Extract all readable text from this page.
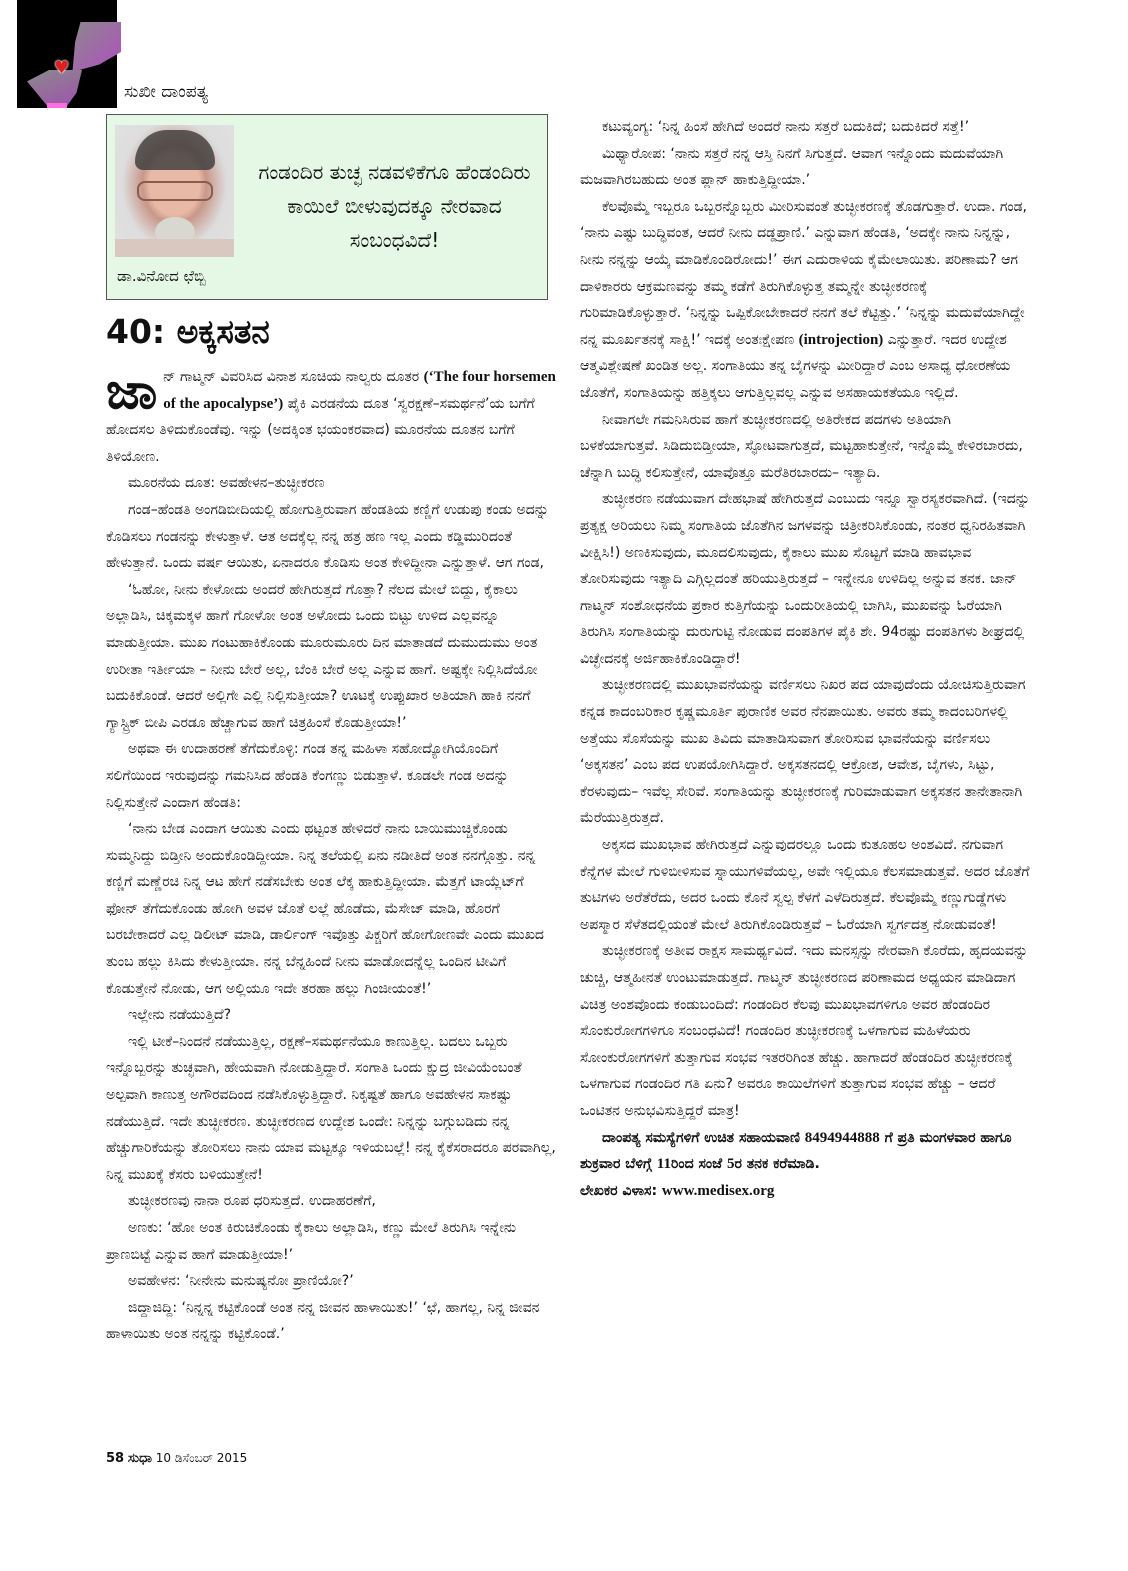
♥
ಸುಖೀ ದಾಂಪತ್ಯ
ಡಾ.ವಿನೋದ ಛೆಬ್ಬಿ
ಗಂಡಂದಿರ ತುಚ್ಛ ನಡವಳಿಕೆಗೂ ಹೆಂಡಂದಿರು ಕಾಯಿಲೆ ಬೀಳುವುದಕ್ಕೂ ನೇರವಾದ ಸಂಬಂಧವಿದೆ!
40: ಅಕ್ಕಸತನ

ಜಾನ್ ಗಾಟ್ಮನ್ ವಿವರಿಸಿದ ವಿನಾಶ ಸೂಚಿಯ ನಾಲ್ವರು ದೂತರ (‘The four horsemen of the apocalypse’) ಪೈಕಿ ಎರಡನೆಯ ದೂತ ‘ಸ್ವರಕ್ಷಣೆ–ಸಮರ್ಥನೆ’ಯ ಬಗೆಗೆ ಹೋದಸಲ ತಿಳಿದುಕೊಂಡೆವು. ಇನ್ನು (ಅದಕ್ಕಿಂತ ಭಯಂಕರವಾದ) ಮೂರನೆಯ ದೂತನ ಬಗೆಗೆ ತಿಳಿಯೋಣ.

ಮೂರನೆಯ ದೂತ: ಅವಹೇಳನ–ತುಚ್ಛೀಕರಣ

ಗಂಡ–ಹೆಂಡತಿ ಅಂಗಡಿಬೀದಿಯಲ್ಲಿ ಹೋಗುತ್ತಿರುವಾಗ ಹೆಂಡತಿಯ ಕಣ್ಣಿಗೆ ಉಡುಪು ಕಂಡು ಅದನ್ನು ಕೊಡಿಸಲು ಗಂಡನನ್ನು ಕೇಳುತ್ತಾಳೆ. ಆತ ಅದಕ್ಕೆಲ್ಲ ನನ್ನ ಹತ್ರ ಹಣ ಇಲ್ಲ ಎಂದು ಕಡ್ಡಿಮುರಿದಂತೆ ಹೇಳುತ್ತಾನೆ. ಒಂದು ವರ್ಷ ಆಯಿತು, ಏನಾದರೂ ಕೊಡಿಸು ಅಂತ ಕೇಳಿದ್ದೀನಾ ಎನ್ನುತ್ತಾಳೆ. ಆಗ ಗಂಡ,

‘ಓಹೋ, ನೀನು ಕೇಳೋದು ಅಂದರೆ ಹೇಗಿರುತ್ತದೆ ಗೊತ್ತಾ? ನೆಲದ ಮೇಲೆ ಬಿದ್ದು, ಕೈಕಾಲು ಅಲ್ಲಾಡಿಸಿ, ಚಿಕ್ಕಮಕ್ಕಳ ಹಾಗೆ ಗೋಳೋ ಅಂತ ಅಳೋದು ಒಂದು ಬಿಟ್ಟು ಉಳಿದ ಎಲ್ಲವನ್ನೂ ಮಾಡುತ್ತೀಯಾ. ಮುಖ ಗಂಟುಹಾಕಿಕೊಂಡು ಮೂರುಮೂರು ದಿನ ಮಾತಾಡದೆ ದುಮುದುಮು ಅಂತ ಉರೀತಾ ಇರ್ತೀಯಾ – ನೀನು ಬೇರೆ ಅಲ್ಲ, ಬೆಂಕಿ ಬೇರೆ ಅಲ್ಲ ಎನ್ನುವ ಹಾಗೆ. ಅಷ್ಟಕ್ಕೇ ನಿಲ್ಲಿಸಿದೆಯೋ ಬದುಕಿಕೊಂಡೆ. ಆದರೆ ಅಲ್ಲಿಗೇ ಎಲ್ಲಿ ನಿಲ್ಲಿಸುತ್ತೀಯಾ? ಊಟಕ್ಕೆ ಉಪ್ಪುಖಾರ ಅತಿಯಾಗಿ ಹಾಕಿ ನನಗೆ ಗ್ಯಾಸ್ಟ್ರಿಕ್ ಬೀಪಿ ಎರಡೂ ಹೆಚ್ಚಾಗುವ ಹಾಗೆ ಚಿತ್ರಹಿಂಸೆ ಕೊಡುತ್ತೀಯಾ!’

ಅಥವಾ ಈ ಉದಾಹರಣೆ ತೆಗೆದುಕೊಳ್ಳಿ: ಗಂಡ ತನ್ನ ಮಹಿಳಾ ಸಹೋದ್ಯೋಗಿಯೊಂದಿಗೆ ಸಲಿಗೆಯಿಂದ ಇರುವುದನ್ನು ಗಮನಿಸಿದ ಹೆಂಡತಿ ಕೆಂಗಣ್ಣು ಬಿಡುತ್ತಾಳೆ. ಕೂಡಲೇ ಗಂಡ ಅದನ್ನು ನಿಲ್ಲಿಸುತ್ತೇನೆ ಎಂದಾಗ ಹೆಂಡತಿ:

‘ನಾನು ಬೇಡ ಎಂದಾಗ ಆಯಿತು ಎಂದು ಥಟ್ಟಂತ ಹೇಳಿದರೆ ನಾನು ಬಾಯಿಮುಚ್ಚಿಕೊಂಡು ಸುಮ್ಮನಿದ್ದು ಬಿಡ್ತೀನಿ ಅಂದುಕೊಂಡಿದ್ದೀಯಾ. ನಿನ್ನ ತಲೆಯಲ್ಲಿ ಏನು ನಡೀತಿದೆ ಅಂತ ನನಗ್ಗೊತ್ತು. ನನ್ನ ಕಣ್ಣಿಗೆ ಮಣ್ಣೆರಚಿ ನಿನ್ನ ಆಟ ಹೇಗೆ ನಡೆಸಬೇಕು ಅಂತ ಲೆಕ್ಕ ಹಾಕುತ್ತಿದ್ದೀಯಾ. ಮೆತ್ತಗೆ ಟಾಯ್ಲೆಟ್‌ಗೆ ಫೋನ್ ತೆಗೆದುಕೊಂಡು ಹೋಗಿ ಅವಳ ಜೊತೆ ಲಲ್ಲೆ ಹೊಡೆದು, ಮೆಸೇಜ್ ಮಾಡಿ, ಹೊರಗೆ ಬರಬೇಕಾದರೆ ಎಲ್ಲ ಡಿಲೀಟ್ ಮಾಡಿ, ಡಾರ್ಲಿಂಗ್ ಇವೊತ್ತು ಪಿಕ್ಚರಿಗೆ ಹೋಗೋಣವೇ ಎಂದು ಮುಖದ ತುಂಬ ಹಲ್ಲು ಕಿಸಿದು ಕೇಳುತ್ತೀಯಾ. ನನ್ನ ಬೆನ್ನಹಿಂದೆ ನೀನು ಮಾಡೋದನ್ನೆಲ್ಲ ಒಂದಿನ ಟೀವಿಗೆ ಕೊಡುತ್ತೇನೆ ನೋಡು, ಆಗ ಅಲ್ಲಿಯೂ ಇದೇ ತರಹಾ ಹಲ್ಲು ಗಿಂಜೀಯಂತೆ!’

ಇಲ್ಲೇನು ನಡೆಯುತ್ತಿದೆ?

ಇಲ್ಲಿ ಟೀಕೆ–ನಿಂದನೆ ನಡೆಯುತ್ತಿಲ್ಲ, ರಕ್ಷಣೆ–ಸಮರ್ಥನೆಯೂ ಕಾಣುತ್ತಿಲ್ಲ. ಬದಲು ಒಬ್ಬರು ಇನ್ನೊಬ್ಬರನ್ನು ತುಚ್ಛವಾಗಿ, ಹೇಯವಾಗಿ ನೋಡುತ್ತಿದ್ದಾರೆ. ಸಂಗಾತಿ ಒಂದು ಕ್ಷುದ್ರ ಜೀವಿಯೆಂಬಂತೆ ಅಲ್ಪವಾಗಿ ಕಾಣುತ್ತ ಅಗೌರವದಿಂದ ನಡೆಸಿಕೊಳ್ಳುತ್ತಿದ್ದಾರೆ. ನಿಕೃಷ್ಟತೆ ಹಾಗೂ ಅವಹೇಳನ ಸಾಕಷ್ಟು ನಡೆಯುತ್ತಿದೆ. ಇದೇ ತುಚ್ಛೀಕರಣ. ತುಚ್ಛೀಕರಣದ ಉದ್ದೇಶ ಒಂದೇ: ನಿನ್ನನ್ನು ಬಗ್ಗುಬಡಿದು ನನ್ನ ಹೆಚ್ಚುಗಾರಿಕೆಯನ್ನು ತೋರಿಸಲು ನಾನು ಯಾವ ಮಟ್ಟಕ್ಕೂ ಇಳಿಯಬಲ್ಲೆ! ನನ್ನ ಕೈಕೆಸರಾದರೂ ಪರವಾಗಿಲ್ಲ, ನಿನ್ನ ಮುಖಕ್ಕೆ ಕೆಸರು ಬಳಿಯುತ್ತೇನೆ!

ತುಚ್ಛೀಕರಣವು ನಾನಾ ರೂಪ ಧರಿಸುತ್ತದೆ. ಉದಾಹರಣೆಗೆ,

ಅಣಕು: ‘ಹೋ ಅಂತ ಕಿರುಚಿಕೊಂಡು ಕೈಕಾಲು ಅಲ್ಲಾಡಿಸಿ, ಕಣ್ಣು ಮೇಲೆ ತಿರುಗಿಸಿ ಇನ್ನೇನು ಪ್ರಾಣಬಿಟ್ಟೆ ಎನ್ನುವ ಹಾಗೆ ಮಾಡುತ್ತೀಯಾ!’

ಅವಹೇಳನ: ‘ನೀನೇನು ಮನುಷ್ಯನೋ ಪ್ರಾಣಿಯೋ?’

ಜಿದ್ದಾಜಿದ್ದಿ: ‘ನಿನ್ನನ್ನ ಕಟ್ಟಿಕೊಂಡೆ ಅಂತ ನನ್ನ ಜೀವನ ಹಾಳಾಯಿತು!’ ‘ಛೆ, ಹಾಗಲ್ಲ, ನಿನ್ನ ಜೀವನ ಹಾಳಾಯಿತು ಅಂತ ನನ್ನನ್ನು ಕಟ್ಟಿಕೊಂಡೆ.’

ಕಟುವ್ಯಂಗ್ಯ: ‘ನಿನ್ನ ಹಿಂಸೆ ಹೇಗಿದೆ ಅಂದರೆ ನಾನು ಸತ್ತರೆ ಬದುಕಿದೆ; ಬದುಕಿದರೆ ಸತ್ತೆ!’

ಮಿಥ್ಯಾರೋಪ: ‘ನಾನು ಸತ್ತರೆ ನನ್ನ ಆಸ್ತಿ ನಿನಗೆ ಸಿಗುತ್ತದೆ. ಆವಾಗ ಇನ್ನೊಂದು ಮದುವೆಯಾಗಿ ಮಜವಾಗಿರಬಹುದು ಅಂತ ಪ್ಲಾನ್ ಹಾಕುತ್ತಿದ್ದೀಯಾ.’

ಕೆಲವೊಮ್ಮೆ ಇಬ್ಬರೂ ಒಬ್ಬರನ್ನೊಬ್ಬರು ಮೀರಿಸುವಂತೆ ತುಚ್ಛೀಕರಣಕ್ಕೆ ತೊಡಗುತ್ತಾರೆ. ಉದಾ. ಗಂಡ, ‘ನಾನು ಎಷ್ಟು ಬುದ್ಧಿವಂತ, ಆದರೆ ನೀನು ದಡ್ಡಪ್ರಾಣಿ.’ ಎನ್ನುವಾಗ ಹೆಂಡತಿ, ‘ಅದಕ್ಕೇ ನಾನು ನಿನ್ನನ್ನು, ನೀನು ನನ್ನನ್ನು ಆಯ್ಕೆ ಮಾಡಿಕೊಂಡಿರೋದು!’ ಈಗ ಎದುರಾಳಿಯ ಕೈಮೇಲಾಯಿತು. ಪರಿಣಾಮ? ಆಗ ದಾಳಿಕಾರರು ಆಕ್ರಮಣವನ್ನು ತಮ್ಮ ಕಡೆಗೆ ತಿರುಗಿಕೊಳ್ಳುತ್ತ ತಮ್ಮನ್ನೇ ತುಚ್ಛೀಕರಣಕ್ಕೆ ಗುರಿಮಾಡಿಕೊಳ್ಳುತ್ತಾರೆ. ‘ನಿನ್ನನ್ನು ಒಪ್ಪಿಕೋಬೇಕಾದರೆ ನನಗೆ ತಲೆ ಕೆಟ್ಟಿತ್ತು.’ ‘ನಿನ್ನನ್ನು ಮದುವೆಯಾಗಿದ್ದೇ ನನ್ನ ಮೂರ್ಖತನಕ್ಕೆ ಸಾಕ್ಷಿ!’ ಇದಕ್ಕೆ ಅಂತಃಕ್ಷೇಪಣ (introjection) ಎನ್ನುತ್ತಾರೆ. ಇದರ ಉದ್ದೇಶ ಆತ್ಮವಿಶ್ಲೇಷಣೆ ಖಂಡಿತ ಅಲ್ಲ. ಸಂಗಾತಿಯು ತನ್ನ ಬೈಗಳನ್ನು ಮೀರಿದ್ದಾರೆ ಎಂಬ ಅಸಾಧ್ಯ ಧೋರಣೆಯ ಜೊತೆಗೆ, ಸಂಗಾತಿಯನ್ನು ಹತ್ತಿಕ್ಕಲು ಆಗುತ್ತಿಲ್ಲವಲ್ಲ ಎನ್ನುವ ಅಸಹಾಯಕತೆಯೂ ಇಲ್ಲಿದೆ.

ನೀವಾಗಲೇ ಗಮನಿಸಿರುವ ಹಾಗೆ ತುಚ್ಛೀಕರಣದಲ್ಲಿ ಅತಿರೇಕದ ಪದಗಳು ಅತಿಯಾಗಿ ಬಳಕೆಯಾಗುತ್ತವೆ. ಸಿಡಿದುಬಿಡ್ತೀಯಾ, ಸ್ಫೋಟವಾಗುತ್ತದೆ, ಮಟ್ಟಹಾಕುತ್ತೇನೆ, ಇನ್ನೊಮ್ಮೆ ಕೇಳಿರಬಾರದು, ಚೆನ್ನಾಗಿ ಬುದ್ಧಿ ಕಲಿಸುತ್ತೇನೆ, ಯಾವೊತ್ತೂ ಮರೆತಿರಬಾರದು– ಇತ್ಯಾದಿ.

ತುಚ್ಛೀಕರಣ ನಡೆಯುವಾಗ ದೇಹಭಾಷೆ ಹೇಗಿರುತ್ತದೆ ಎಂಬುದು ಇನ್ನೂ ಸ್ವಾರಸ್ಯಕರವಾಗಿದೆ. (ಇದನ್ನು ಪ್ರತ್ಯಕ್ಷ ಅರಿಯಲು ನಿಮ್ಮ ಸಂಗಾತಿಯ ಜೊತೆಗಿನ ಜಗಳವನ್ನು ಚಿತ್ರೀಕರಿಸಿಕೊಂಡು, ನಂತರ ಧ್ವನಿರಹಿತವಾಗಿ ವೀಕ್ಷಿಸಿ!) ಅಣಕಿಸುವುದು, ಮೂದಲಿಸುವುದು, ಕೈಕಾಲು ಮುಖ ಸೊಟ್ಟಗೆ ಮಾಡಿ ಹಾವಭಾವ ತೋರಿಸುವುದು ಇತ್ಯಾದಿ ಎಗ್ಗಿಲ್ಲದಂತೆ ಹರಿಯುತ್ತಿರುತ್ತದೆ – ಇನ್ನೇನೂ ಉಳಿದಿಲ್ಲ ಅನ್ನುವ ತನಕ. ಜಾನ್ ಗಾಟ್ಮನ್ ಸಂಶೋಧನೆಯ ಪ್ರಕಾರ ಕುತ್ತಿಗೆಯನ್ನು ಒಂದುರೀತಿಯಲ್ಲಿ ಬಾಗಿಸಿ, ಮುಖವನ್ನು ಓರೆಯಾಗಿ ತಿರುಗಿಸಿ ಸಂಗಾತಿಯನ್ನು ದುರುಗುಟ್ಟಿ ನೋಡುವ ದಂಪತಿಗಳ ಪೈಕಿ ಶೇ. 94ರಷ್ಟು ದಂಪತಿಗಳು ಶೀಘ್ರದಲ್ಲಿ ವಿಚ್ಛೇದನಕ್ಕೆ ಅರ್ಜಿಹಾಕಿಕೊಂಡಿದ್ದಾರೆ!

ತುಚ್ಛೀಕರಣದಲ್ಲಿ ಮುಖಭಾವನೆಯನ್ನು ವರ್ಣಿಸಲು ನಿಖರ ಪದ ಯಾವುದೆಂದು ಯೋಚಿಸುತ್ತಿರುವಾಗ ಕನ್ನಡ ಕಾದಂಬರಿಕಾರ ಕೃಷ್ಣಮೂರ್ತಿ ಪುರಾಣಿಕ ಅವರ ನೆನಪಾಯಿತು. ಅವರು ತಮ್ಮ ಕಾದಂಬರಿಗಳಲ್ಲಿ ಅತ್ತೆಯು ಸೊಸೆಯನ್ನು ಮುಖ ತಿವಿದು ಮಾತಾಡಿಸುವಾಗ ತೋರಿಸುವ ಭಾವನೆಯನ್ನು ವರ್ಣಿಸಲು ‘ಅಕ್ಕಸತನ’ ಎಂಬ ಪದ ಉಪಯೋಗಿಸಿದ್ದಾರೆ. ಅಕ್ಕಸತನದಲ್ಲಿ ಆಕ್ರೋಶ, ಆವೇಶ, ಬೈಗಳು, ಸಿಟ್ಟು, ಕೆರಳುವುದು– ಇವೆಲ್ಲ ಸೇರಿವೆ. ಸಂಗಾತಿಯನ್ನು ತುಚ್ಛೀಕರಣಕ್ಕೆ ಗುರಿಮಾಡುವಾಗ ಅಕ್ಕಸತನ ತಾನೇತಾನಾಗಿ ಮೆರೆಯುತ್ತಿರುತ್ತದೆ.

ಅಕ್ಕಸದ ಮುಖಭಾವ ಹೇಗಿರುತ್ತದೆ ಎನ್ನುವುದರಲ್ಲೂ ಒಂದು ಕುತೂಹಲ ಅಂಶವಿದೆ. ನಗುವಾಗ ಕೆನ್ನೆಗಳ ಮೇಲೆ ಗುಳಿಬೀಳಿಸುವ ಸ್ನಾಯುಗಳಿವೆಯಲ್ಲ, ಅವೇ ಇಲ್ಲಿಯೂ ಕೆಲಸಮಾಡುತ್ತವೆ. ಅದರ ಜೊತೆಗೆ ತುಟಿಗಳು ಅರೆತೆರೆದು, ಅದರ ಒಂದು ಕೊನೆ ಸ್ವಲ್ಪ ಕೆಳಗೆ ಎಳೆದಿರುತ್ತದೆ. ಕೆಲವೊಮ್ಮೆ ಕಣ್ಣುಗುಡ್ಡೆಗಳು ಅಪಸ್ಮಾರ ಸೆಳೆತದಲ್ಲಿಯಂತೆ ಮೇಲೆ ತಿರುಗಿಕೊಂಡಿರುತ್ತವೆ – ಓರೆಯಾಗಿ ಸ್ವರ್ಗದತ್ತ ನೋಡುವಂತೆ!

ತುಚ್ಛೀಕರಣಕ್ಕೆ ಅತೀವ ರಾಕ್ಷಸ ಸಾಮರ್ಥ್ಯವಿದೆ. ಇದು ಮನಸ್ಸನ್ನು ನೇರವಾಗಿ ಕೊರೆದು, ಹೃದಯವನ್ನು ಚುಚ್ಚಿ, ಆತ್ಮಹೀನತೆ ಉಂಟುಮಾಡುತ್ತದೆ. ಗಾಟ್ಮನ್ ತುಚ್ಛೀಕರಣದ ಪರಿಣಾಮದ ಅಧ್ಯಯನ ಮಾಡಿದಾಗ ವಿಚಿತ್ರ ಅಂಶವೊಂದು ಕಂಡುಬಂದಿದೆ: ಗಂಡಂದಿರ ಕೆಲವು ಮುಖಭಾವಗಳಿಗೂ ಅವರ ಹೆಂಡಂದಿರ ಸೊಂಕುರೋಗಗಳಿಗೂ ಸಂಬಂಧವಿದೆ! ಗಂಡಂದಿರ ತುಚ್ಛೀಕರಣಕ್ಕೆ ಒಳಗಾಗುವ ಮಹಿಳೆಯರು ಸೋಂಕುರೋಗಗಳಿಗೆ ತುತ್ತಾಗುವ ಸಂಭವ ಇತರರಿಗಿಂತ ಹೆಚ್ಚು. ಹಾಗಾದರೆ ಹೆಂಡಂದಿರ ತುಚ್ಛೀಕರಣಕ್ಕೆ ಒಳಗಾಗುವ ಗಂಡಂದಿರ ಗತಿ ಏನು? ಅವರೂ ಕಾಯಿಲೆಗಳಿಗೆ ತುತ್ತಾಗುವ ಸಂಭವ ಹೆಚ್ಚು – ಆದರೆ ಒಂಟಿತನ ಅನುಭವಿಸುತ್ತಿದ್ದರೆ ಮಾತ್ರ!

ದಾಂಪತ್ಯ ಸಮಸ್ಯೆಗಳಿಗೆ ಉಚಿತ ಸಹಾಯವಾಣಿ 8494944888 ಗೆ ಪ್ರತಿ ಮಂಗಳವಾರ ಹಾಗೂ ಶುಕ್ರವಾರ ಬೆಳಿಗ್ಗೆ 11ರಿಂದ ಸಂಜೆ 5ರ ತನಕ ಕರೆಮಾಡಿ.

ಲೇಖಕರ ವಿಳಾಸ: www.medisex.org

58 ಸುಧಾ 10 ಡಿಸೆಂಬರ್ 2015
